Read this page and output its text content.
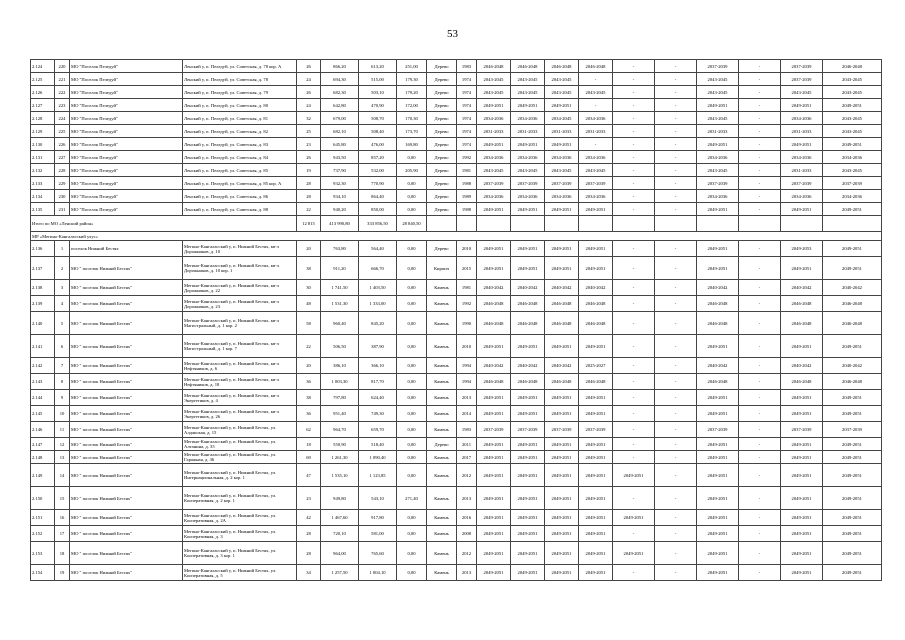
53
2.124	220	МО "Поселок Пеледуй"	Ленский у, п. Пеледуй, ул. Советская, д. 78 кор. А	26	866,20	613,20	251,00	Дерево	1983	2046-2048	2046-2048	2046-2048	2046-2048	-	-	2037-2039	-	2037-2039	2046-2048
2.125	221	МО "Поселок Пеледуй"	Ленский у, п. Пеледуй, ул. Советская, д. 78	24	694,30	515,00	179,30	Дерево	1974	2043-2045	2043-2045	2043-2045	-	-	-	2043-2045	-	2037-2039	2043-2045
2.126	222	МО "Поселок Пеледуй"	Ленский у, п. Пеледуй, ул. Советская, д. 79	26	682,30	503,10	179,20	Дерево	1974	2043-2045	2043-2045	2043-2045	2043-2045	-	-	2043-2045	-	2043-2045	2043-2045
2.127	223	МО "Поселок Пеледуй"	Ленский у, п. Пеледуй, ул. Советская, д. 80	24	642,80	470,90	172,00	Дерево	1974	2049-2051	2049-2051	2049-2051	-	-	-	2049-2051	-	2049-2051	2049-2051
2.128	224	МО "Поселок Пеледуй"	Ленский у, п. Пеледуй, ул. Советская, д. 81	32	679,00	508,70	170,30	Дерево	1974	2034-2036	2034-2036	2034-2045	2034-2036	-	-	2043-2045	-	2034-2036	2043-2045
2.129	225	МО "Поселок Пеледуй"	Ленский у, п. Пеледуй, ул. Советская, д. 82	25	682,10	508,40	173,70	Дерево	1974	2031-2033	2031-2033	2031-2033	2031-2033	-	-	2031-2033	-	2031-2033	2043-2045
2.130	226	МО "Поселок Пеледуй"	Ленский у, п. Пеледуй, ул. Советская, д. 83	23	645,80	476,00	169,80	Дерево	1974	2049-2051	2049-2051	2049-2051	-	-	-	2049-2051	-	2049-2051	2049-2051
2.131	227	МО "Поселок Пеледуй"	Ленский у, п. Пеледуй, ул. Советская, д. 84	26	943,50	857,20	0,00	Дерево	1992	2034-2036	2034-2036	2034-2036	2034-2036	-	-	2034-2036	-	2034-2036	2034-2036
2.132	228	МО "Поселок Пеледуй"	Ленский у, п. Пеледуй, ул. Советская, д. 85	19	737,90	532,00	205,90	Дерево	1981	2043-2045	2043-2045	2043-2045	2043-2045	-	-	2043-2045	-	2031-2033	2043-2045
2.133	229	МО "Поселок Пеледуй"	Ленский у, п. Пеледуй, ул. Советская, д. 85 кор. А	28	932,30	770,90	0,00	Дерево	1988	2037-2039	2037-2039	2037-2039	2037-2039	-	-	2037-2039	-	2037-2039	2037-2039
2.134	230	МО "Поселок Пеледуй"	Ленский у, п. Пеледуй, ул. Советская, д. 86	28	934,10	864,40	0,00	Дерево	1989	2034-2036	2034-2036	2034-2036	2034-2036	-	-	2034-2036	-	2034-2036	2034-2036
2.135	231	МО "Поселок Пеледуй"	Ленский у, п. Пеледуй, ул. Советская, д. 88	22	940,20	850,00	0,00	Дерево	1988	2049-2051	2049-2051	2049-2051	2049-2051	-	-	2049-2051	-	2049-2051	2049-2051
Итого по МО «Ленский район»				12 815	413 990,80	333 856,50	28 840,50												
МР «Мегино-Кангаласский улус»																			
2.136	1	поселок Нижний Бестях	Мегино-Кангаласский у, п. Нижний Бестях, кв-л Дорожников, д. 10	20	763,80	564,40	0,00	Дерево	2010	2049-2051	2049-2051	2049-2051	2049-2051	-	-	2049-2051	-	2049-2053	2049-2051
2.137	2	МО " поселок Нижний Бестях"	Мегино-Кангаласский у, п. Нижний Бестях, кв-л Дорожников, д. 10 кор. 1	38	911,20	666,70	0,00	Кирпич	2015	2049-2051	2049-2051	2049-2051	2049-2051	-	-	2049-2051	-	2049-2051	2049-2051
2.138	3	МО " поселок Нижний Бестях"	Мегино-Кангаласский у, п. Нижний Бестях, кв-л Дорожников, д. 22	30	1 741,50	1 403,50	0,00	Камень	1981	2040-2042	2040-2042	2040-2042	2040-2042	-	-	2040-2042	-	2040-2042	2040-2042
2.139	4	МО " поселок Нижний Бестях"	Мегино-Кангаласский у, п. Нижний Бестях, кв-л Дорожников, д. 23	48	1 531,30	1 333,00	0,00	Камень	1992	2046-2048	2046-2048	2046-2048	2046-2048	-	-	2046-2048	-	2046-2048	2046-2048
2.140	5	МО " поселок Нижний Бестях"	Мегино-Кангаласский у, п. Нижний Бестях, кв-л Магистральный, д. 1 кор. 2	58	960,40	845,20	0,00	Камень	1990	2046-2048	2046-2048	2046-2048	2046-2048	-	-	2046-2048	-	2046-2048	2046-2048
2.141	6	МО " поселок Нижний Бестях"	Мегино-Кангаласский у, п. Нижний Бестях, кв-л Магистральный, д. 1 кор. 7	22	506,50	387,90	0,00	Камень	2010	2049-2051	2049-2051	2049-2051	2049-2051	-	-	2049-2051	-	2049-2051	2049-2051
2.142	7	МО " поселок Нижний Бестях"	Мегино-Кангаласский у, п. Нижний Бестях, кв-л Нефтяников, д. 6	20	386,10	366,10	0,00	Камень	1994	2040-2042	2040-2042	2040-2042	2025-2027	-	-	2040-2042	-	2040-2042	2040-2042
2.143	8	МО " поселок Нижний Бестях"	Мегино-Кангаласский у, п. Нижний Бестях, кв-л Нефтяников, д. 18	36	1 003,30	817,70	0,00	Камень	1994	2046-2048	2046-2048	2046-2048	2046-2048	-	-	2046-2048	-	2046-2048	2046-2048
2.144	9	МО " поселок Нижний Бестях"	Мегино-Кангаласский у, п. Нижний Бестях, кв-л Энергетиков, д. 4	38	797,80	624,40	0,00	Камень	2013	2049-2051	2049-2051	2049-2051	2049-2051	-	-	2049-2051	-	2049-2051	2049-2051
2.145	10	МО " поселок Нижний Бестях"	Мегино-Кангаласский у, п. Нижний Бестях, кв-л Энергетиков, д. 26	36	951,40	749,30	0,00	Камень	2014	2049-2051	2049-2051	2049-2051	2049-2051	-	-	2049-2051	-	2049-2051	2049-2051
2.146	11	МО " поселок Нижний Бестях"	Мегино-Кангаласский у, п. Нижний Бестях, ул. Алданская, д. 15	62	964,70	659,70	0,00	Камень	1983	2037-2039	2037-2039	2037-2039	2037-2039	-	-	2037-2039	-	2037-2039	2037-2039
2.147	12	МО " поселок Нижний Бестях"	Мегино-Кангаласский у, п. Нижний Бестях, ул. Алтанина, д. 35	18	550,90	518,40	0,00	Дерево	2011	2049-2051	2049-2051	2049-2051	2049-2051	-	-	2049-2051	-	2049-2051	2049-2051
2.148	13	МО " поселок Нижний Бестях"	Мегино-Кангаласский у, п. Нижний Бестях, ул. Гаражная, д. 36	69	1 261,30	1 090,40	0,00	Камень	2017	2049-2051	2049-2051	2049-2051	2049-2051	-	-	2049-2051	-	2049-2051	2049-2051
2.149	14	МО " поселок Нижний Бестях"	Мегино-Кангаласский у, п. Нижний Бестях, ул. Интернациональная, д. 2 кор. 1	47	1 535,10	1 123,85	0,00	Камень	2012	2049-2051	2049-2051	2049-2051	2049-2051	2049-2051	-	2049-2051	-	2049-2051	2049-2051
2.150	15	МО " поселок Нижний Бестях"	Мегино-Кангаласский у, п. Нижний Бестях, ул. Кооперативная, д. 2 кор. 1	23	949,80	543,10	271,40	Камень	2013	2049-2051	2049-2051	2049-2051	2049-2051	-	-	2049-2051	-	2049-2051	2049-2051
2.151	16	МО " поселок Нижний Бестях"	Мегино-Кангаласский у, п. Нижний Бестях, ул. Кооперативная, д. 2А	42	1 467,60	917,80	0,00	Камень	2016	2049-2051	2049-2051	2049-2051	2049-2051	2049-2051	-	2049-2051	-	2049-2051	2049-2051
2.152	17	МО " поселок Нижний Бестях"	Мегино-Кангаласский у, п. Нижний Бестях, ул. Кооперативная, д. 3	28	720,10	581,00	0,00	Камень	2008	2049-2051	2049-2051	2049-2051	2049-2051	-	-	2049-2051	-	2049-2051	2049-2051
2.153	18	МО " поселок Нижний Бестях"	Мегино-Кангаласский у, п. Нижний Бестях, ул. Кооперативная, д. 3 кор. 1	28	964,00	765,60	0,00	Камень	2012	2049-2051	2049-2051	2049-2051	2049-2051	2049-2051	-	2049-2051	-	2049-2051	2049-2051
2.154	19	МО " поселок Нижний Бестях"	Мегино-Кангаласский у, п. Нижний Бестях, ул. Кооперативная, д. 5	34	1 257,50	1 004,10	0,00	Камень	2013	2049-2051	2049-2051	2049-2051	2049-2051	-	-	2049-2051	-	2049-2051	2049-2051
